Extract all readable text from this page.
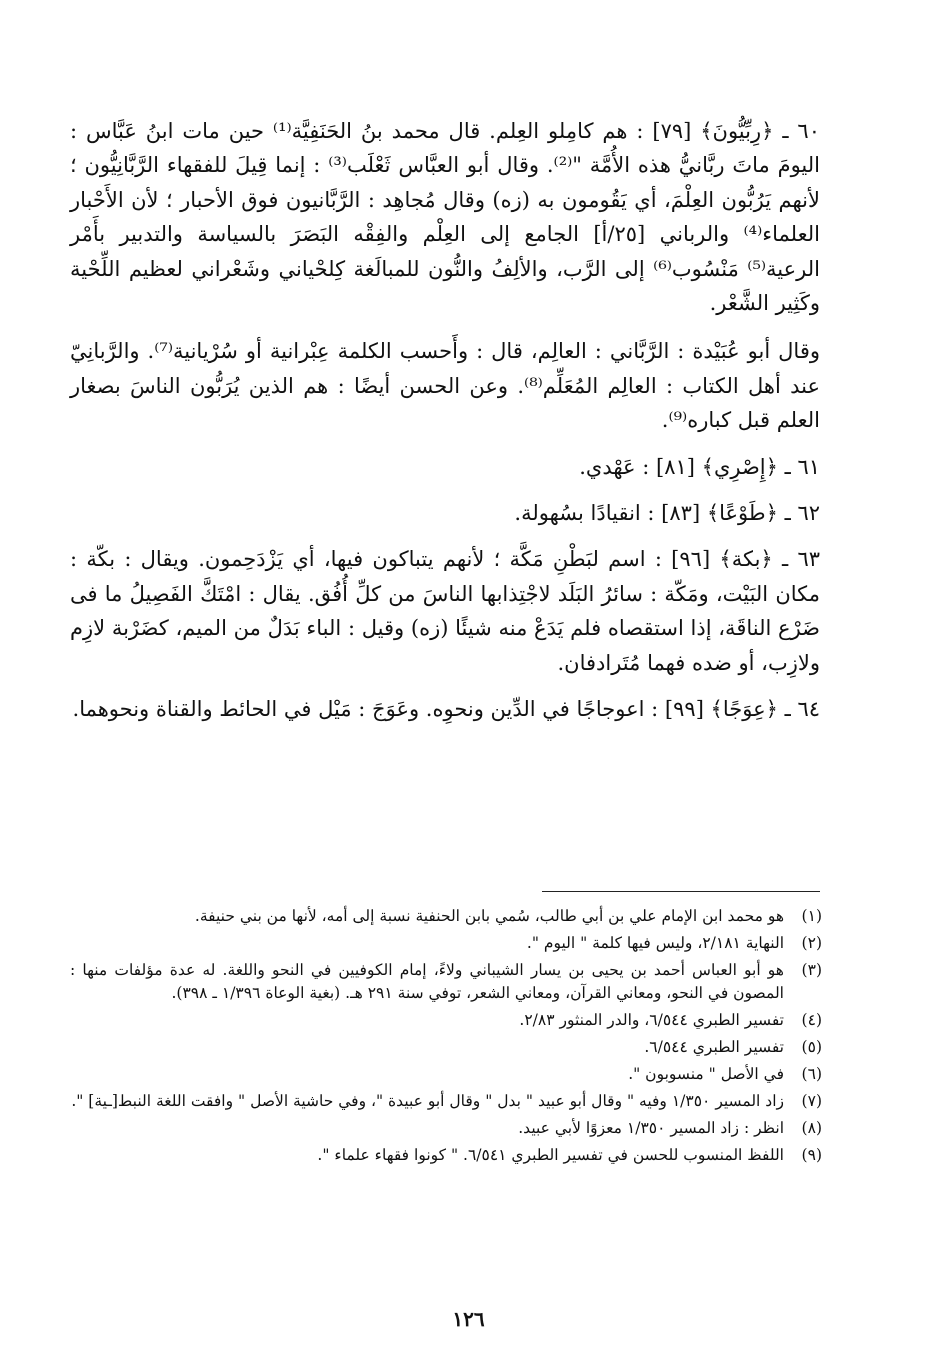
٦٠ ـ ﴿رِبِّيُّونَ﴾ [٧٩] : هم كامِلو العِلم. قال محمد بنُ الحَنَفِيَّة⁽¹⁾ حين مات ابنُ عَبَّاس : اليومَ ماتَ ربَّانيُّ هذه الأُمَّة "⁽²⁾. وقال أبو العبَّاس ثَعْلَب⁽³⁾ : إنما قِيلَ للفقهاء الرَّبَّانِيُّون ؛ لأنهم يَرُبُّون العِلْمَ، أي يَقُومون به (زه) وقال مُجاهِد : الرَّبَّانيون فوق الأحبار ؛ لأن الأَحْبار العلماء⁽⁴⁾ والرباني [٢٥/أ] الجامع إلى العِلْم والفِقْه البَصَرَ بالسياسة والتدبير بأَمْر الرعية⁽⁵⁾ مَنْسُوب⁽⁶⁾ إلى الرَّب، والألِفُ والنُّون للمبالَغة كِلحْياني وشَعْراني لعظيم اللِّحْية وكَثِير الشَّعْر.

وقال أبو عُبَيْدة : الرَّبَّاني : العالِم، قال : وأَحسب الكلمة عِبْرانية أو سُرْيانية⁽⁷⁾. والرَّبانِيّ عند أهل الكتاب : العالِم المُعَلِّم⁽⁸⁾. وعن الحسن أيضًا : هم الذين يُرَبُّون الناسَ بصغار العلم قبل كباره⁽⁹⁾.

٦١ ـ ﴿إِصْرِي﴾ [٨١] : عَهْدي.

٦٢ ـ ﴿طَوْعًا﴾ [٨٣] : انقيادًا بسُهولة.

٦٣ ـ ﴿بكة﴾ [٩٦] : اسم لبَطْنِ مَكَّة ؛ لأنهم يتباكون فيها، أي يَزْدَحِمون. ويقال : بكّة : مكان البَيْت، ومَكّة : سائرُ البَلَد لاجْتِذابها الناسَ من كلِّ أُفُق. يقال : امْتَكَّ الفَصِيلُ ما فى ضَرْع الناقَة، إذا استقصاه فلم يَدَعْ منه شيئًا (زه) وقيل : الباء بَدَلٌ من الميم، كضَرْبة لازِم ولازِب، أو ضده فهما مُتَرادفان.

٦٤ ـ ﴿عِوَجًا﴾ [٩٩] : اعوجاجًا في الدِّين ونحوِه. وعَوَجَ : مَيْل في الحائط والقناة ونحوهما.

(١)
هو محمد ابن الإمام علي بن أبي طالب، سُمي بابن الحنفية نسبة إلى أمه، لأنها من بني حنيفة.
(٢)
النهاية ٢/١٨١، وليس فيها كلمة " اليوم ".
(٣)
هو أبو العباس أحمد بن يحيى بن يسار الشيباني ولاءً، إمام الكوفيين في النحو واللغة. له عدة مؤلفات منها : المصون في النحو، ومعاني القرآن، ومعاني الشعر، توفي سنة ٢٩١ هـ. (بغية الوعاة ١/٣٩٦ ـ ٣٩٨).
(٤)
تفسير الطبري ٦/٥٤٤، والدر المنثور ٢/٨٣.
(٥)
تفسير الطبري ٦/٥٤٤.
(٦)
في الأصل " منسوبون ".
(٧)
زاد المسير ١/٣٥٠ وفيه " وقال أبو عبيد " بدل " وقال أبو عبيدة "، وفي حاشية الأصل " وافقت اللغة النبط[ـية] ".
(٨)
انظر : زاد المسير ١/٣٥٠ معزوًا لأبي عبيد.
(٩)
اللفظ المنسوب للحسن في تفسير الطبري ٦/٥٤١. " كونوا فقهاء علماء ".
١٢٦
